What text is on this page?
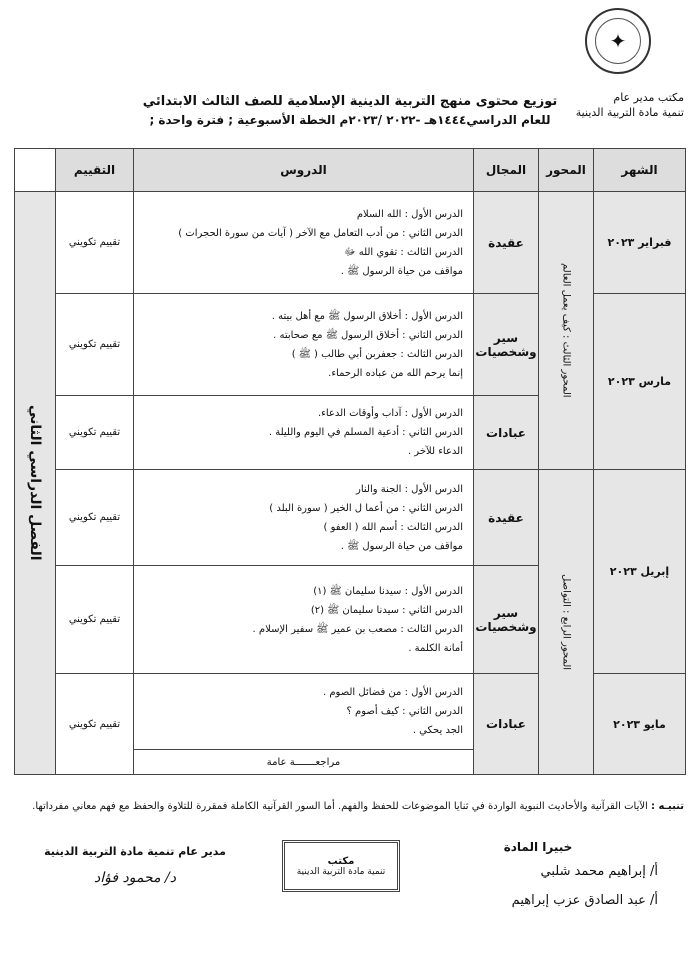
✦
مكتب مدير عام
تنمية مادة التربية الدينية
توزيع محتوى منهج التربية الدينية الإسلامية للصف الثالث الابتدائي
للعام الدراسي١٤٤٤هـ -٢٠٢٢ /٢٠٢٣م الخطة الأسبوعية ; فترة واحدة ;
الشهر	المحور	المجال	الدروس	التقييم	
فبراير ٢٠٢٣	المحور الثالث : كيف يعمل العالم	عقيدة	الدرس الأول : الله السلام
الدرس الثاني : من أدب التعامل مع الآخر ( آيات من سورة الحجرات )
الدرس الثالث : تقوي الله ﷻ
مواقف من حياة الرسول ﷺ .	تقييم تكويني	الفصل الدراسي الثاني

مارس ٢٠٢٣		سير وشخصيات	الدرس الأول : أخلاق الرسول ﷺ مع أهل بيته .
الدرس الثاني : أخلاق الرسول ﷺ مع صحابته .
الدرس الثالث : جعفربن أبي طالب ( ﷺ )
إنما يرحم الله من عباده الرحماء.	تقييم تكويني	
		عبادات	الدرس الأول : آداب وأوقات الدعاء.
الدرس الثاني : أدعية المسلم في اليوم والليلة .
الدعاء للآخر .	تقييم تكويني	
إبريل ٢٠٢٣	المحور الرابع : التواصل	عقيدة	الدرس الأول : الجنة والنار
الدرس الثاني : من أعما ل الخير ( سورة البلد )
الدرس الثالث : أسم الله ( العفو )
مواقف من حياة الرسول ﷺ .	تقييم تكويني	
		سير وشخصيات	الدرس الأول : سيدنا سليمان ﷺ (١)
الدرس الثاني : سيدنا سليمان ﷺ (٢)
الدرس الثالث : مصعب بن عمير ﷺ سفير الإسلام .
أمانة الكلمة .	تقييم تكويني	
مايو ٢٠٢٣		عبادات	الدرس الأول : من فضائل الصوم .
الدرس الثاني : كيف أصوم ؟
الجد يحكي .	تقييم تكويني	
			مراجعـــــــة عامة		
تنبيـه : الآيات القرآنية والأحاديث النبوية الواردة في ثنايا الموضوعات للحفظ والفهم. أما السور القرآنية الكاملة فمقررة للتلاوة والحفظ مع فهم معاني مفرداتها.
خبيرا المادة
أ/ إبراهيم محمد شلبي
أ/ عبد الصادق عزب إبراهيم
مكتب
تنمية مادة التربية الدينية
مدير عام تنمية مادة التربية الدينية
د/ محمود فؤاد
